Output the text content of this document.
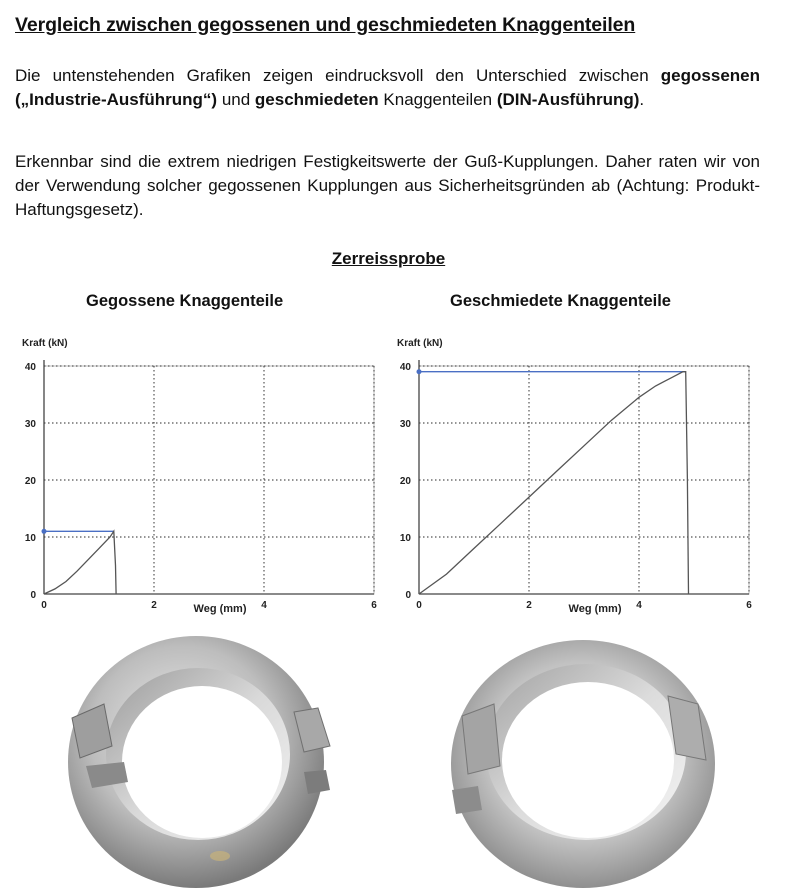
Vergleich zwischen gegossenen und geschmiedeten Knaggenteilen
Die untenstehenden Grafiken zeigen eindrucksvoll den Unterschied zwischen gegossenen („Industrie-Ausführung“) und geschmiedeten Knaggenteilen (DIN-Ausführung).
Erkennbar sind die extrem niedrigen Festigkeitswerte der Guß-Kupplungen. Daher raten wir von der Verwendung solcher gegossenen Kupplungen aus Sicherheitsgründen ab (Achtung: Produkt-Haftungsgesetz).
Zerreissprobe
Gegossene Knaggenteile	Geschmiedete Knaggenteile
0	2	4	6
0
10
20
30
40
Kraft (kN)
Weg (mm)	0	2	4	6
0
10
20
30
40
Kraft (kN)
Weg (mm)
